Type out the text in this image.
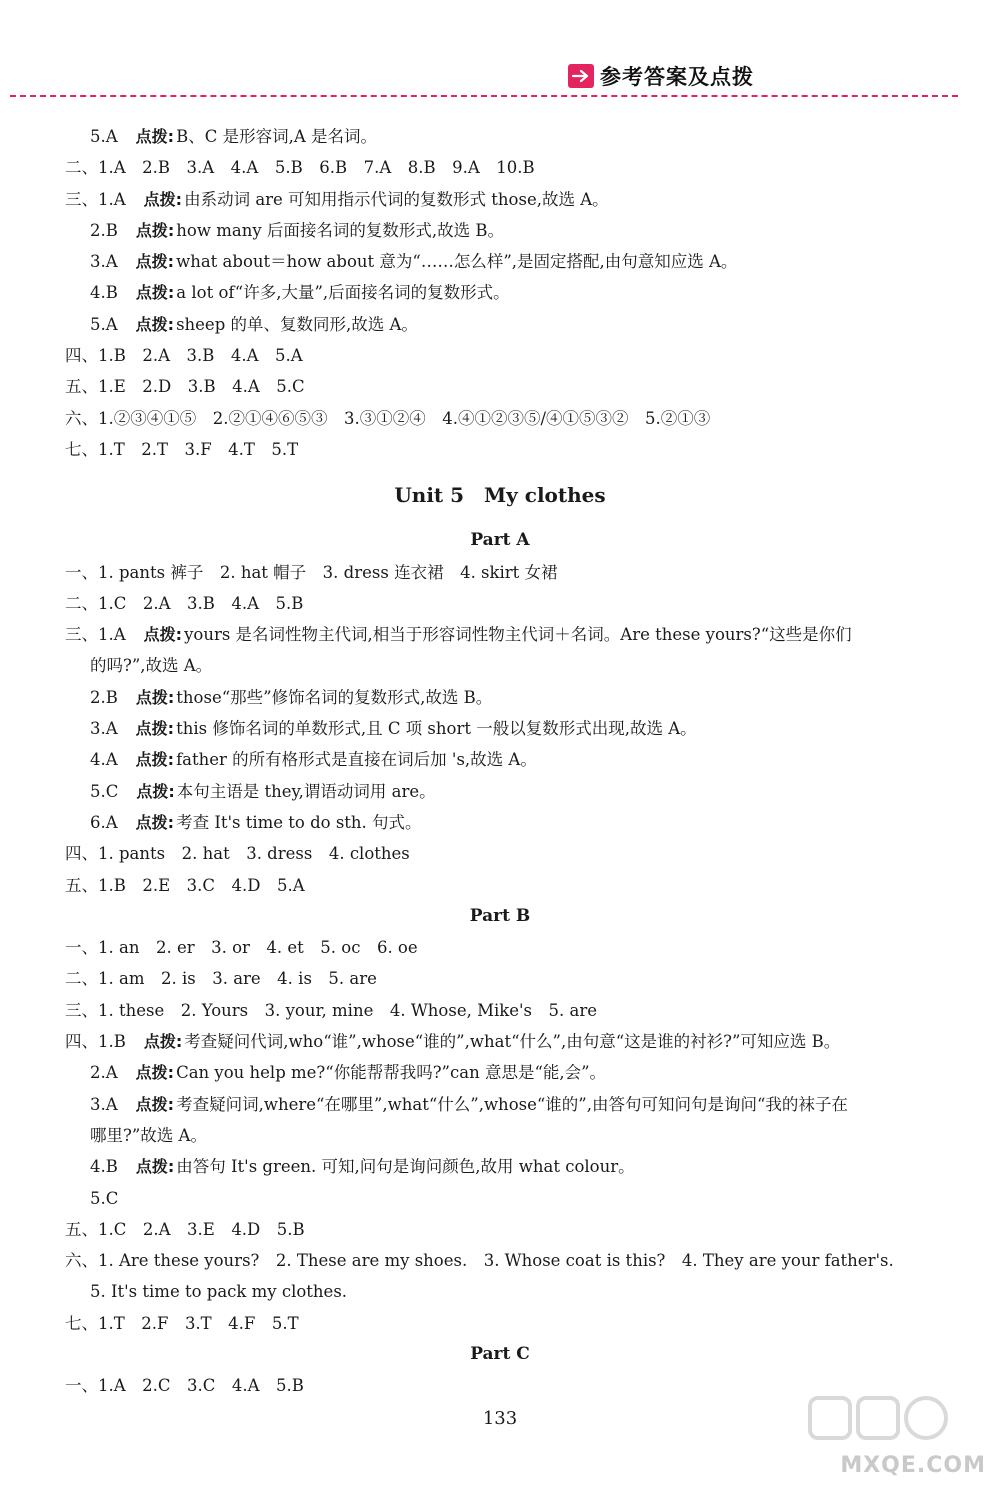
参考答案及点拨
5.A 点拨: B、C 是形容词,A 是名词。
二、1.A　2.B　3.A　4.A　5.B　6.B　7.A　8.B　9.A　10.B
三、1.A 点拨: 由系动词 are 可知用指示代词的复数形式 those,故选 A。
2.B 点拨: how many 后面接名词的复数形式,故选 B。
3.A 点拨: what about＝how about 意为“……怎么样”,是固定搭配,由句意知应选 A。
4.B 点拨: a lot of“许多,大量”,后面接名词的复数形式。
5.A 点拨: sheep 的单、复数同形,故选 A。
四、1.B　2.A　3.B　4.A　5.A
五、1.E　2.D　3.B　4.A　5.C
六、1.②③④①⑤　2.②①④⑥⑤③　3.③①②④　4.④①②③⑤/④①⑤③②　5.②①③
七、1.T　2.T　3.F　4.T　5.T
Unit 5　My clothes
Part A
一、1. pants 裤子　2. hat 帽子　3. dress 连衣裙　4. skirt 女裙
二、1.C　2.A　3.B　4.A　5.B
三、1.A 点拨: yours 是名词性物主代词,相当于形容词性物主代词＋名词。Are these yours?“这些是你们
的吗?”,故选 A。
2.B 点拨: those“那些”修饰名词的复数形式,故选 B。
3.A 点拨: this 修饰名词的单数形式,且 C 项 short 一般以复数形式出现,故选 A。
4.A 点拨: father 的所有格形式是直接在词后加 's,故选 A。
5.C 点拨: 本句主语是 they,谓语动词用 are。
6.A 点拨: 考查 It's time to do sth. 句式。
四、1. pants　2. hat　3. dress　4. clothes
五、1.B　2.E　3.C　4.D　5.A
Part B
一、1. an　2. er　3. or　4. et　5. oc　6. oe
二、1. am　2. is　3. are　4. is　5. are
三、1. these　2. Yours　3. your, mine　4. Whose, Mike's　5. are
四、1.B 点拨: 考查疑问代词,who“谁”,whose“谁的”,what“什么”,由句意“这是谁的衬衫?”可知应选 B。
2.A 点拨: Can you help me?“你能帮帮我吗?”can 意思是“能,会”。
3.A 点拨: 考查疑问词,where“在哪里”,what“什么”,whose“谁的”,由答句可知问句是询问“我的袜子在
哪里?”故选 A。
4.B 点拨: 由答句 It's green. 可知,问句是询问颜色,故用 what colour。
5.C
五、1.C　2.A　3.E　4.D　5.B
六、1. Are these yours?　2. These are my shoes.　3. Whose coat is this?　4. They are your father's.
5. It's time to pack my clothes.
七、1.T　2.F　3.T　4.F　5.T
Part C
一、1.A　2.C　3.C　4.A　5.B
133
MXQE.COM
